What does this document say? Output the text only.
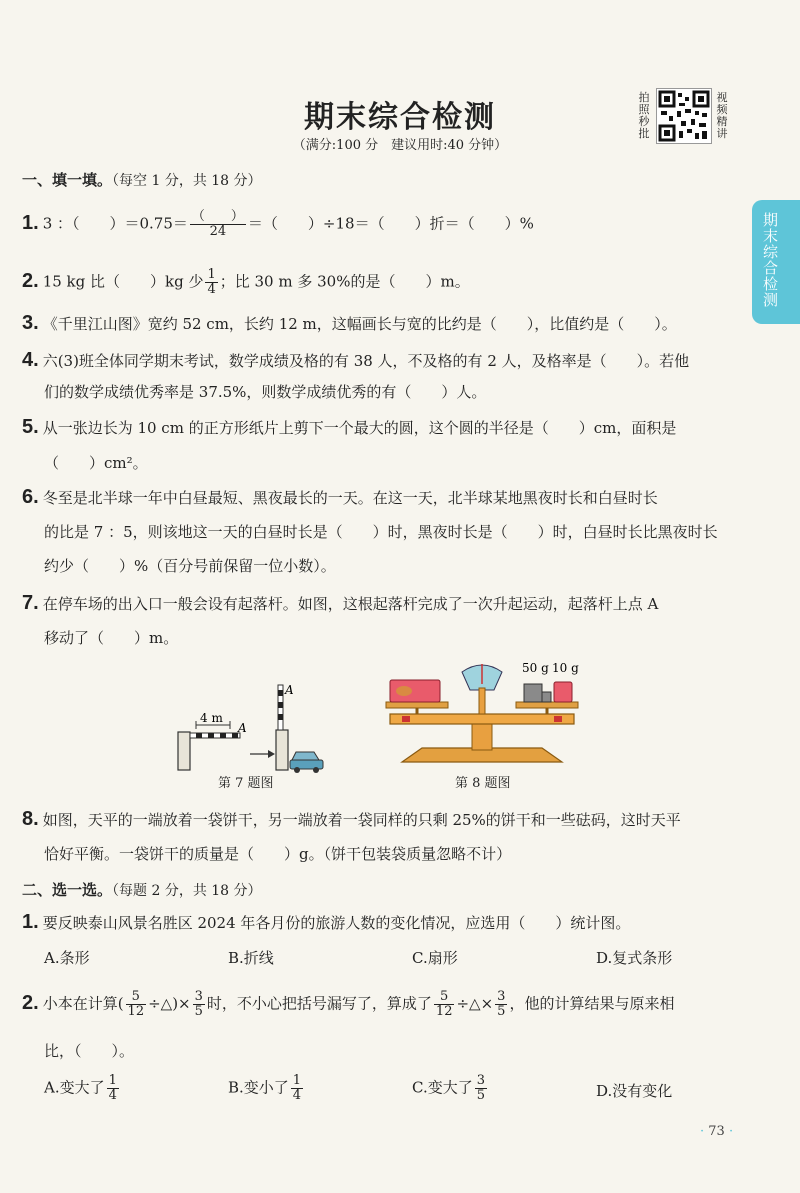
期末综合检测
（满分:100 分　建议用时:40 分钟）
拍照秒批
视频精讲
期末综合检测
一、填一填。（每空 1 分，共 18 分）
1. 3 ：（　　）$=0.75= \frac{( )}{24}$ ＝（　　）÷18＝（　　）折＝（　　）%
2. 15 kg 比（　　）kg 少 $\frac{1}{4}$ ；比 30 m 多 30%的是（　　）m。
3. 《千里江山图》宽约 52 cm，长约 12 m，这幅画长与宽的比约是（　　），比值约是（　　）。
4. 六(3)班全体同学期末考试，数学成绩及格的有 38 人，不及格的有 2 人，及格率是（　　）。若他
们的数学成绩优秀率是 37.5%，则数学成绩优秀的有（　　）人。
5. 从一张边长为 10 cm 的正方形纸片上剪下一个最大的圆，这个圆的半径是（　　）cm，面积是
（　　）cm²。
6. 冬至是北半球一年中白昼最短、黑夜最长的一天。在这一天，北半球某地黑夜时长和白昼时长
的比是 7 ：5，则该地这一天的白昼时长是（　　）时，黑夜时长是（　　）时，白昼时长比黑夜时长
约少（　　）%（百分号前保留一位小数）。
7. 在停车场的出入口一般会设有起落杆。如图，这根起落杆完成了一次升起运动，起落杆上点 A
移动了（　　）m。
4 m
A
A
第 7 题图
50 g 10 g
第 8 题图
8. 如图，天平的一端放着一袋饼干，另一端放着一袋同样的只剩 25%的饼干和一些砝码，这时天平
恰好平衡。一袋饼干的质量是（　　）g。（饼干包装袋质量忽略不计）
二、选一选。（每题 2 分，共 18 分）
1. 要反映泰山风景名胜区 2024 年各月份的旅游人数的变化情况，应选用（　　）统计图。
A.条形	B.折线	C.扇形	D.复式条形
2. 小本在计算( $\frac{5}{12}$ ÷△)× $\frac{3}{5}$ 时，不小心把括号漏写了，算成了 $\frac{5}{12}$ ÷△× $\frac{3}{5}$ ，他的计算结果与原来相
比，（　　）。
A.变大了 $\frac{1}{4}$	B.变小了 $\frac{1}{4}$	C.变大了 $\frac{3}{5}$	D.没有变化
· 73 ·
